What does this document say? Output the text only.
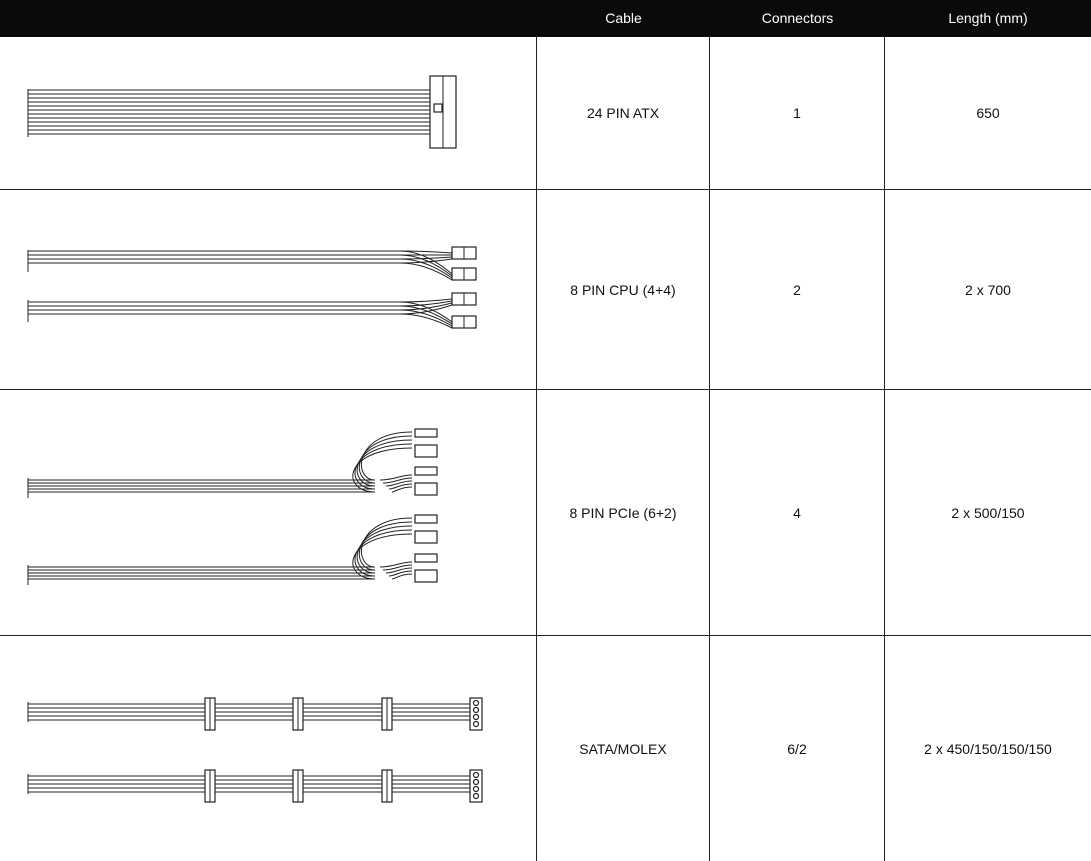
Cable	Connectors	Length (mm)
24 PIN ATX	1	650
8 PIN CPU (4+4)	2	2 x 700
8 PIN PCIe (6+2)	4	2 x 500/150
SATA/MOLEX	6/2	2 x 450/150/150/150
